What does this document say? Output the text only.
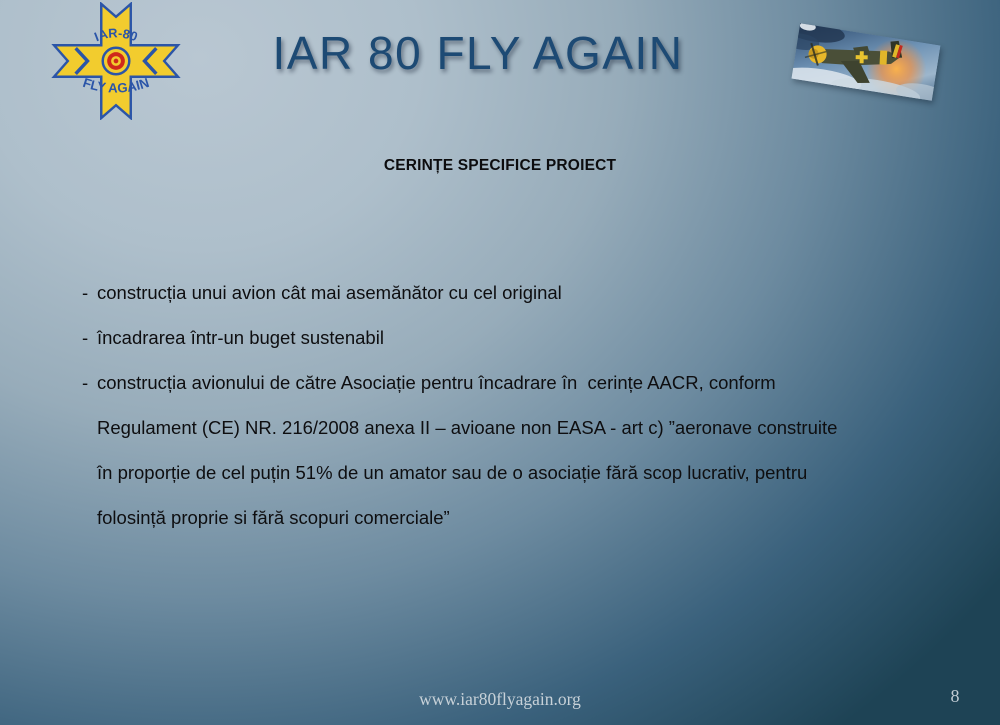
IAR-80
FLY AGAIN
IAR 80 FLY AGAIN
CERINȚE SPECIFICE PROIECT
- construcția unui avion cât mai asemănător cu cel original
- încadrarea într-un buget sustenabil
- construcția avionului de către Asociație pentru încadrare în  cerințe AACR, conform
Regulament (CE) NR. 216/2008 anexa II – avioane non EASA - art c) ”aeronave construite
în proporție de cel puțin 51% de un amator sau de o asociație fără scop lucrativ, pentru
folosință proprie si fără scopuri comerciale”
www.iar80flyagain.org	8
